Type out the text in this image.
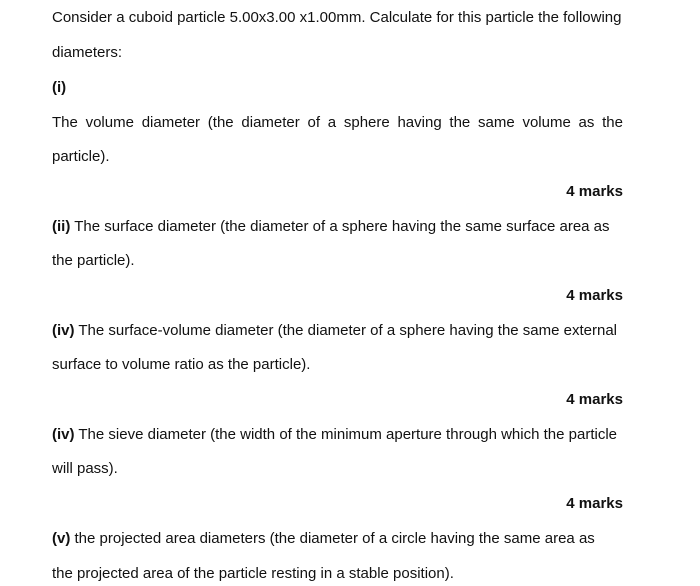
Consider a cuboid particle 5.00x3.00 x1.00mm. Calculate for this particle the following
diameters:
(i)
The volume diameter (the diameter of a sphere having the same volume as the
particle).
4 marks
(ii) The surface diameter (the diameter of a sphere having the same surface area as
the particle).
4 marks
(iv) The surface-volume diameter (the diameter of a sphere having the same external
surface to volume ratio as the particle).
4 marks
(iv) The sieve diameter (the width of the minimum aperture through which the particle
will pass).
4 marks
(v) the projected area diameters (the diameter of a circle having the same area as
the projected area of the particle resting in a stable position).
